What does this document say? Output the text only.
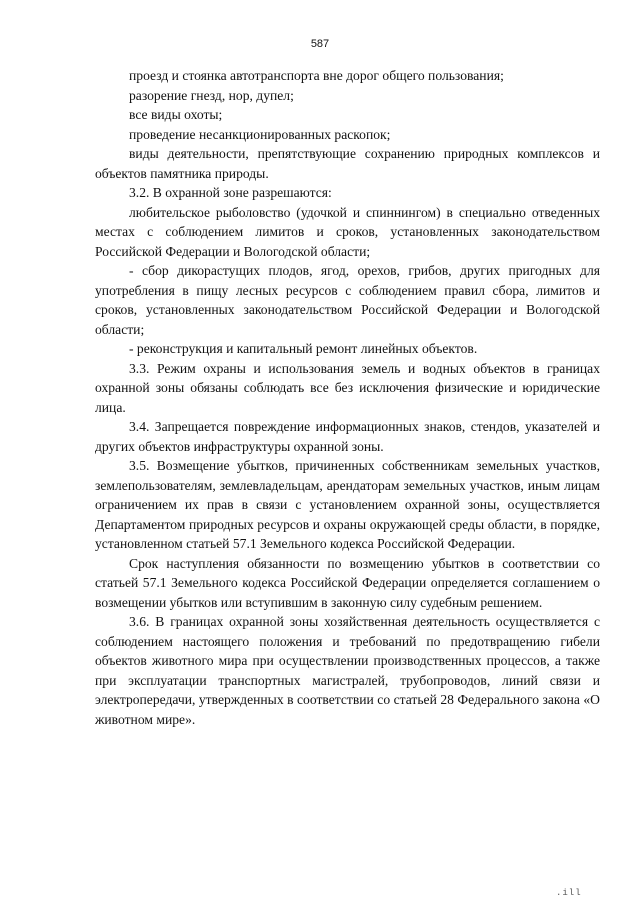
587

проезд и стоянка автотранспорта вне дорог общего пользования;

разорение гнезд, нор, дупел;

все виды охоты;

проведение несанкционированных раскопок;

виды деятельности, препятствующие сохранению природных комплексов и объектов памятника природы.

3.2. В охранной зоне разрешаются:

любительское рыболовство (удочкой и спиннингом) в специально отведенных местах с соблюдением лимитов и сроков, установленных законодательством Российской Федерации и Вологодской области;

- сбор дикорастущих плодов, ягод, орехов, грибов, других пригодных для употребления в пищу лесных ресурсов с соблюдением правил сбора, лимитов и сроков, установленных законодательством Российской Федерации и Вологодской области;

- реконструкция и капитальный ремонт линейных объектов.

3.3. Режим охраны и использования земель и водных объектов в границах охранной зоны обязаны соблюдать все без исключения физические и юридические лица.

3.4. Запрещается повреждение информационных знаков, стендов, указателей и других объектов инфраструктуры охранной зоны.

3.5. Возмещение убытков, причиненных собственникам земельных участков, землепользователям, землевладельцам, арендаторам земельных участков, иным лицам ограничением их прав в связи с установлением охранной зоны, осуществляется Департаментом природных ресурсов и охраны окружающей среды области, в порядке, установленном статьей 57.1 Земельного кодекса Российской Федерации.

Срок наступления обязанности по возмещению убытков в соответствии со статьей 57.1 Земельного кодекса Российской Федерации определяется соглашением о возмещении убытков или вступившим в законную силу судебным решением.

3.6. В границах охранной зоны хозяйственная деятельность осуществляется с соблюдением настоящего положения и требований по предотвращению гибели объектов животного мира при осуществлении производственных процессов, а также при эксплуатации транспортных магистралей, трубопроводов, линий связи и электропередачи, утвержденных в соответствии со статьей 28 Федерального закона «О животном мире».

.ill
